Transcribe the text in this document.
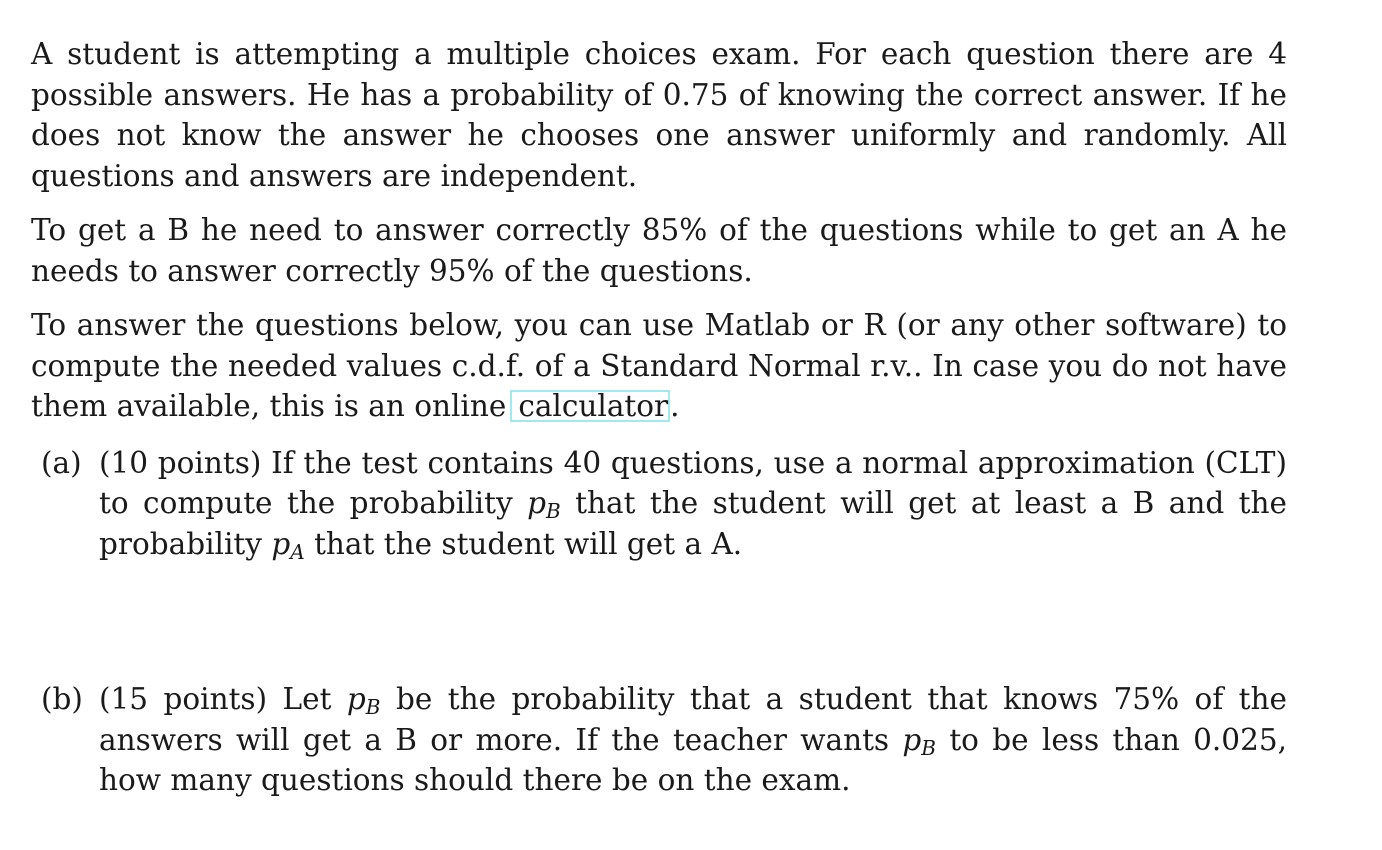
A student is attempting a multiple choices exam. For each question there are 4 possible answers. He has a probability of 0.75 of knowing the correct answer. If he does not know the answer he chooses one answer uniformly and randomly. All questions and answers are independent.

To get a B he need to answer correctly 85% of the questions while to get an A he needs to answer correctly 95% of the questions.

To answer the questions below, you can use Matlab or R (or any other software) to compute the needed values c.d.f. of a Standard Normal r.v.. In case you do not have them available, this is an online calculator.

(a) (10 points) If the test contains 40 questions, use a normal approximation (CLT) to compute the probability $p_B$ that the student will get at least a B and the probability $p_A$ that the student will get a A.
(b) (15 points) Let $p_B$ be the probability that a student that knows 75% of the answers will get a B or more. If the teacher wants $p_B$ to be less than 0.025, how many questions should there be on the exam.
